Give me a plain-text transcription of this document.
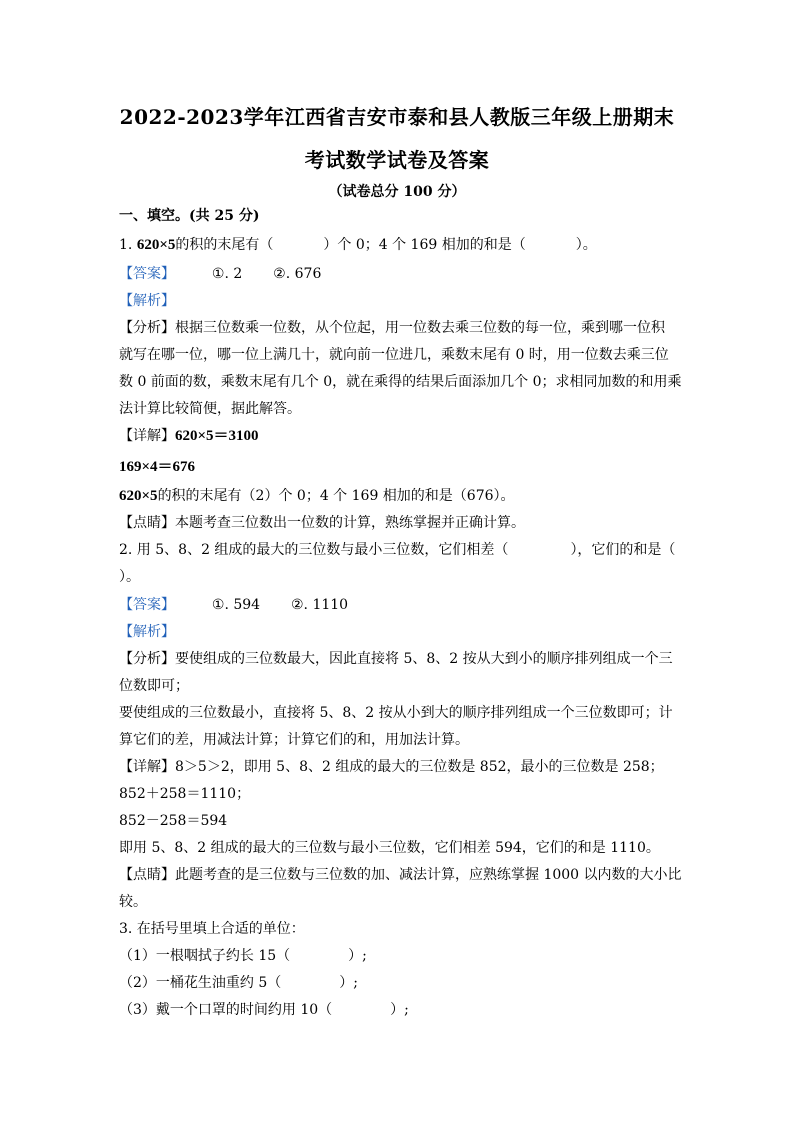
2022-2023学年江西省吉安市泰和县人教版三年级上册期末
考试数学试卷及答案
（试卷总分 100 分）
一、填空。(共 25 分)
1. 620×5的积的末尾有（	）个 0；4 个 169 相加的和是（	）。
【答案】	①. 2 ②. 676
【解析】
【分析】根据三位数乘一位数，从个位起，用一位数去乘三位数的每一位，乘到哪一位积
就写在哪一位，哪一位上满几十，就向前一位进几，乘数末尾有 0 时，用一位数去乘三位
数 0 前面的数，乘数末尾有几个 0，就在乘得的结果后面添加几个 0；求相同加数的和用乘
法计算比较简便，据此解答。
【详解】620×5＝3100
169×4＝676
620×5的积的末尾有（2）个 0；4 个 169 相加的和是（676）。
【点睛】本题考查三位数出一位数的计算，熟练掌握并正确计算。
2. 用 5、8、2 组成的最大的三位数与最小三位数，它们相差（	），它们的和是（
）。
【答案】	①. 594 ②. 1110
【解析】
【分析】要使组成的三位数最大，因此直接将 5、8、2 按从大到小的顺序排列组成一个三
位数即可；
要使组成的三位数最小，直接将 5、8、2 按从小到大的顺序排列组成一个三位数即可；计
算它们的差，用减法计算；计算它们的和，用加法计算。
【详解】8＞5＞2，即用 5、8、2 组成的最大的三位数是 852，最小的三位数是 258；
852＋258＝1110；
852－258＝594
即用 5、8、2 组成的最大的三位数与最小三位数，它们相差 594，它们的和是 1110。
【点睛】此题考查的是三位数与三位数的加、减法计算，应熟练掌握 1000 以内数的大小比
较。
3. 在括号里填上合适的单位：
（1）一根咽拭子约长 15（	）;
（2）一桶花生油重约 5（	）;
（3）戴一个口罩的时间约用 10（	）;
